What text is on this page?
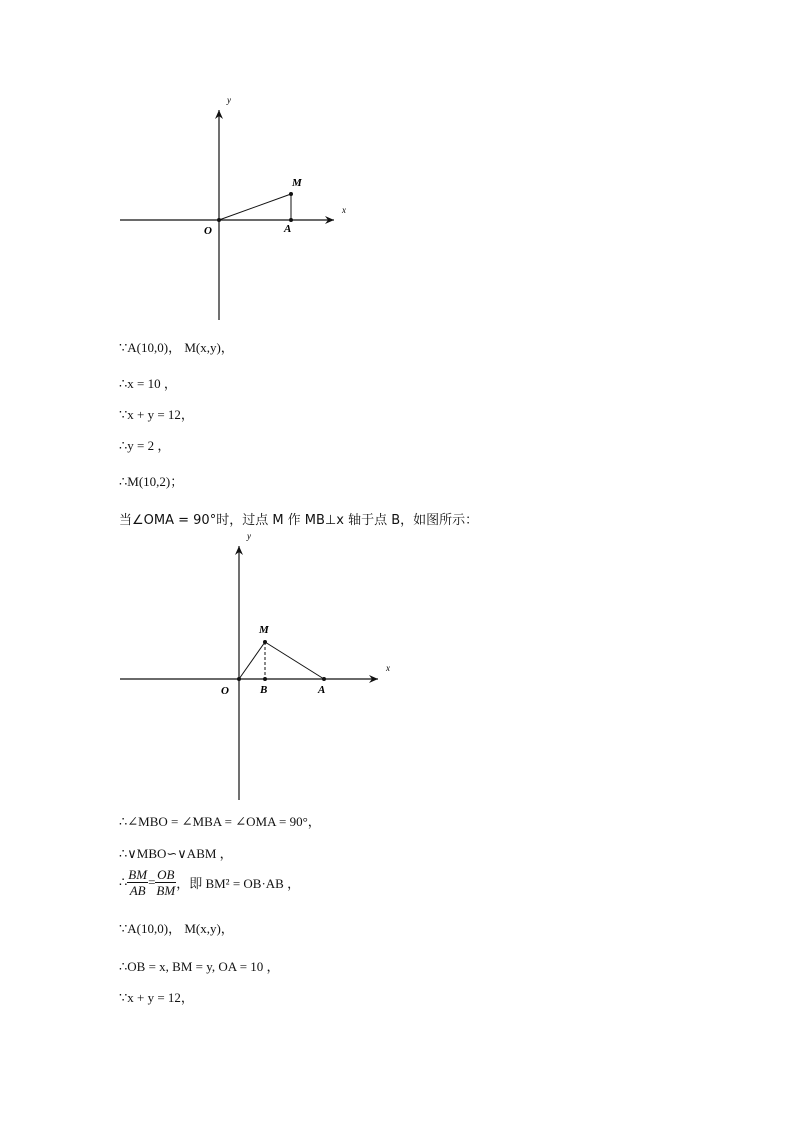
y
x
O	A
M
y
x
O	B	A
M
∵A(10,0)， M(x,y)，
∴x = 10 ，
∵x + y = 12，
∴y = 2 ，
∴M(10,2)；
当∠OMA = 90°时，过点 M 作 MB⊥x 轴于点 B，如图所示：
∴∠MBO = ∠MBA = ∠OMA = 90°，
∴∨MBO∽∨ABM ，
∴ $\frac{BM}{AB} = \frac{OB}{BM}$ ，即 BM² = OB·AB ，
∵A(10,0)， M(x,y)，
∴OB = x, BM = y, OA = 10 ，
∵x + y = 12，
